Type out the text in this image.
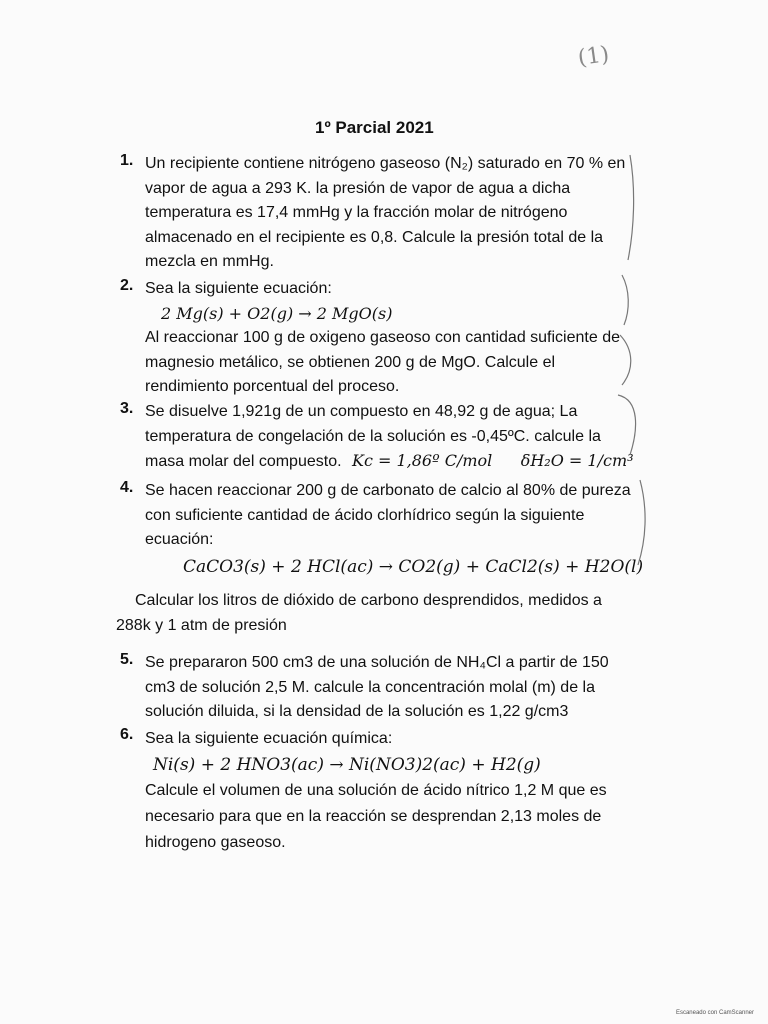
(1)
1º Parcial 2021
1. Un recipiente contiene nitrógeno gaseoso (N₂) saturado en 70 % en
vapor de agua a 293 K. la presión de vapor de agua a dicha
temperatura es 17,4 mmHg y la fracción molar de nitrógeno
almacenado en el recipiente es 0,8. Calcule la presión total de la
mezcla en mmHg.
2. Sea la siguiente ecuación:
2 Mg(s) + O2(g) → 2 MgO(s)
Al reaccionar 100 g de oxigeno gaseoso con cantidad suficiente de
magnesio metálico, se obtienen 200 g de MgO. Calcule el
rendimiento porcentual del proceso.
3. Se disuelve 1,921g de un compuesto en 48,92 g de agua; La
temperatura de congelación de la solución es -0,45ºC. calcule la
masa molar del compuesto. Kc = 1,86º C/mol δH₂O = 1/cm³
4. Se hacen reaccionar 200 g de carbonato de calcio al 80% de pureza
con suficiente cantidad de ácido clorhídrico según la siguiente
ecuación:
CaCO3(s) + 2 HCl(ac) → CO2(g) + CaCl2(s) + H2O(l)
Calcular los litros de dióxido de carbono desprendidos, medidos a
288k y 1 atm de presión
5. Se prepararon 500 cm3 de una solución de NH₄Cl a partir de 150
cm3 de solución 2,5 M. calcule la concentración molal (m) de la
solución diluida, si la densidad de la solución es 1,22 g/cm3
6. Sea la siguiente ecuación química:
Ni(s) + 2 HNO3(ac) → Ni(NO3)2(ac) + H2(g)
Calcule el volumen de una solución de ácido nítrico 1,2 M que es
necesario para que en la reacción se desprendan 2,13 moles de
hidrogeno gaseoso.
Escaneado con CamScanner
